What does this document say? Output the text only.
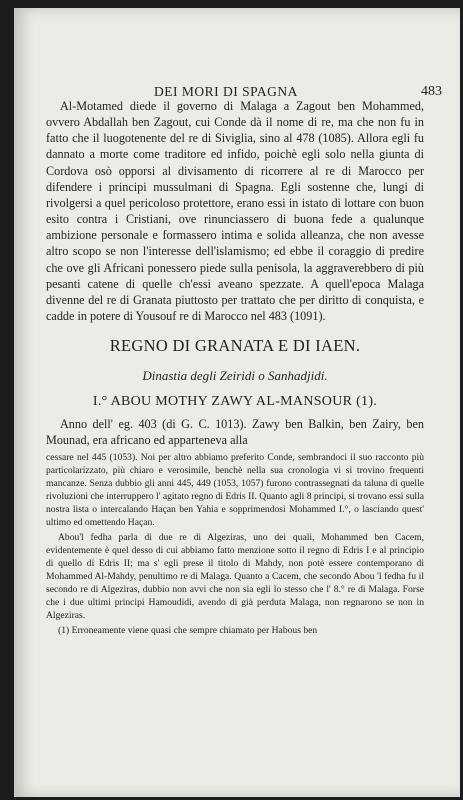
DEI MORI DI SPAGNA	483

Al-Motamed diede il governo di Malaga a Zagout ben Mohammed, ovvero Abdallah ben Zagout, cui Conde dà il nome di re, ma che non fu in fatto che il luogotenente del re di Siviglia, sino al 478 (1085). Allora egli fu dannato a morte come traditore ed infido, poichè egli solo nella giunta di Cordova osò opporsi al divisamento di ricorrere al re di Marocco per difendere i principi mussulmani di Spagna. Egli sostenne che, lungi di rivolgersi a quel pericoloso protettore, erano essi in istato di lottare con buon esito contra i Cristiani, ove rinunciassero di buona fede a qualunque ambizione personale e formassero intima e solida alleanza, che non avesse altro scopo se non l'interesse dell'islamismo; ed ebbe il coraggio di predire che ove gli Africani ponessero piede sulla penisola, la aggraverebbero di più pesanti catene di quelle ch'essi aveano spezzate. A quell'epoca Malaga divenne del re di Granata piuttosto per trattato che per diritto di conquista, e cadde in potere di Yousouf re di Marocco nel 483 (1091).

REGNO DI GRANATA E DI IAEN.
Dinastia degli Zeiridi o Sanhadjidi.
I.° ABOU MOTHY ZAWY AL-MANSOUR (1).

Anno dell' eg. 403 (di G. C. 1013). Zawy ben Balkin, ben Zairy, ben Mounad, era africano ed apparteneva alla

cessare nel 445 (1053). Noi per altro abbiamo preferito Conde, sembrandoci il suo racconto più particolarizzato, più chiaro e verosimile, benchè nella sua cronologia vi si trovino frequenti mancanze. Senza dubbio gli anni 445, 449 (1053, 1057) furono contrassegnati da taluna di quelle rivoluzioni che interruppero l' agitato regno di Edris II. Quanto agli 8 principi, si trovano essi sulla nostra lista o intercalando Haçan ben Yahia e sopprimendosi Mohammed I.°, o lasciando quest' ultimo ed omettendo Haçan.

Abou'l fedha parla di due re di Algeziras, uno dei quali, Mohammed ben Cacem, evidentemente è quel desso di cui abbiamo fatto menzione sotto il regno di Edris I e al principio di quello di Edris II; ma s' egli prese il titolo di Mahdy, non potè essere contemporano di Mohammed Al-Mahdy, penultimo re di Malaga. Quanto a Cacem, che secondo Abou 'l fedha fu il secondo re di Algeziras, dubbio non avvi che non sia egli lo stesso che l' 8.° re di Malaga. Forse che i due ultimi principi Hamoudidi, avendo di già perduta Malaga, non regnarono se non in Algeziras.

(1) Erroneamente viene quasi che sempre chiamato per Habous ben
